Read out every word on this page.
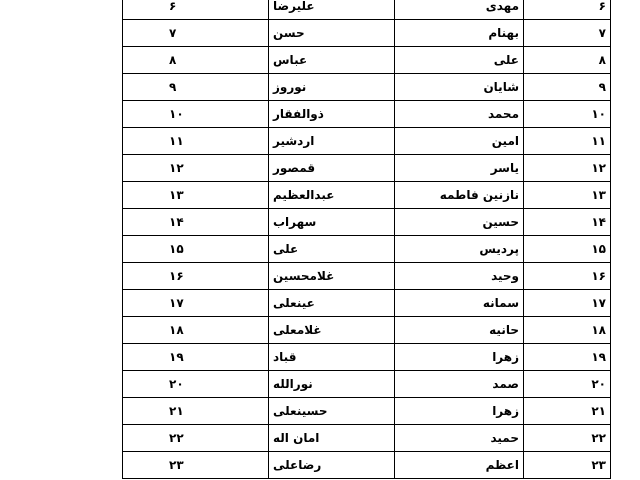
۶	مهدی		علیرضا	۶
۷	بهنام		حسن	۷
۸	علی		عباس	۸
۹	شایان		نوروز	۹
۱۰	محمد		ذوالفقار	۱۰
۱۱	امین		اردشیر	۱۱
۱۲	یاسر		قمصور	۱۲
۱۳	نازنین فاطمه		عبدالعظیم	۱۳
۱۴	حسین		سهراب	۱۴
۱۵	پردیس		علی	۱۵
۱۶	وحید		غلامحسین	۱۶
۱۷	سمانه		عینعلی	۱۷
۱۸	حانیه		غلامعلی	۱۸
۱۹	زهرا		قباد	۱۹
۲۰	صمد		نورالله	۲۰
۲۱	زهرا		حسینعلی	۲۱
۲۲	حمید		امان اله	۲۲
۲۳	اعظم		رضاعلی	۲۳
